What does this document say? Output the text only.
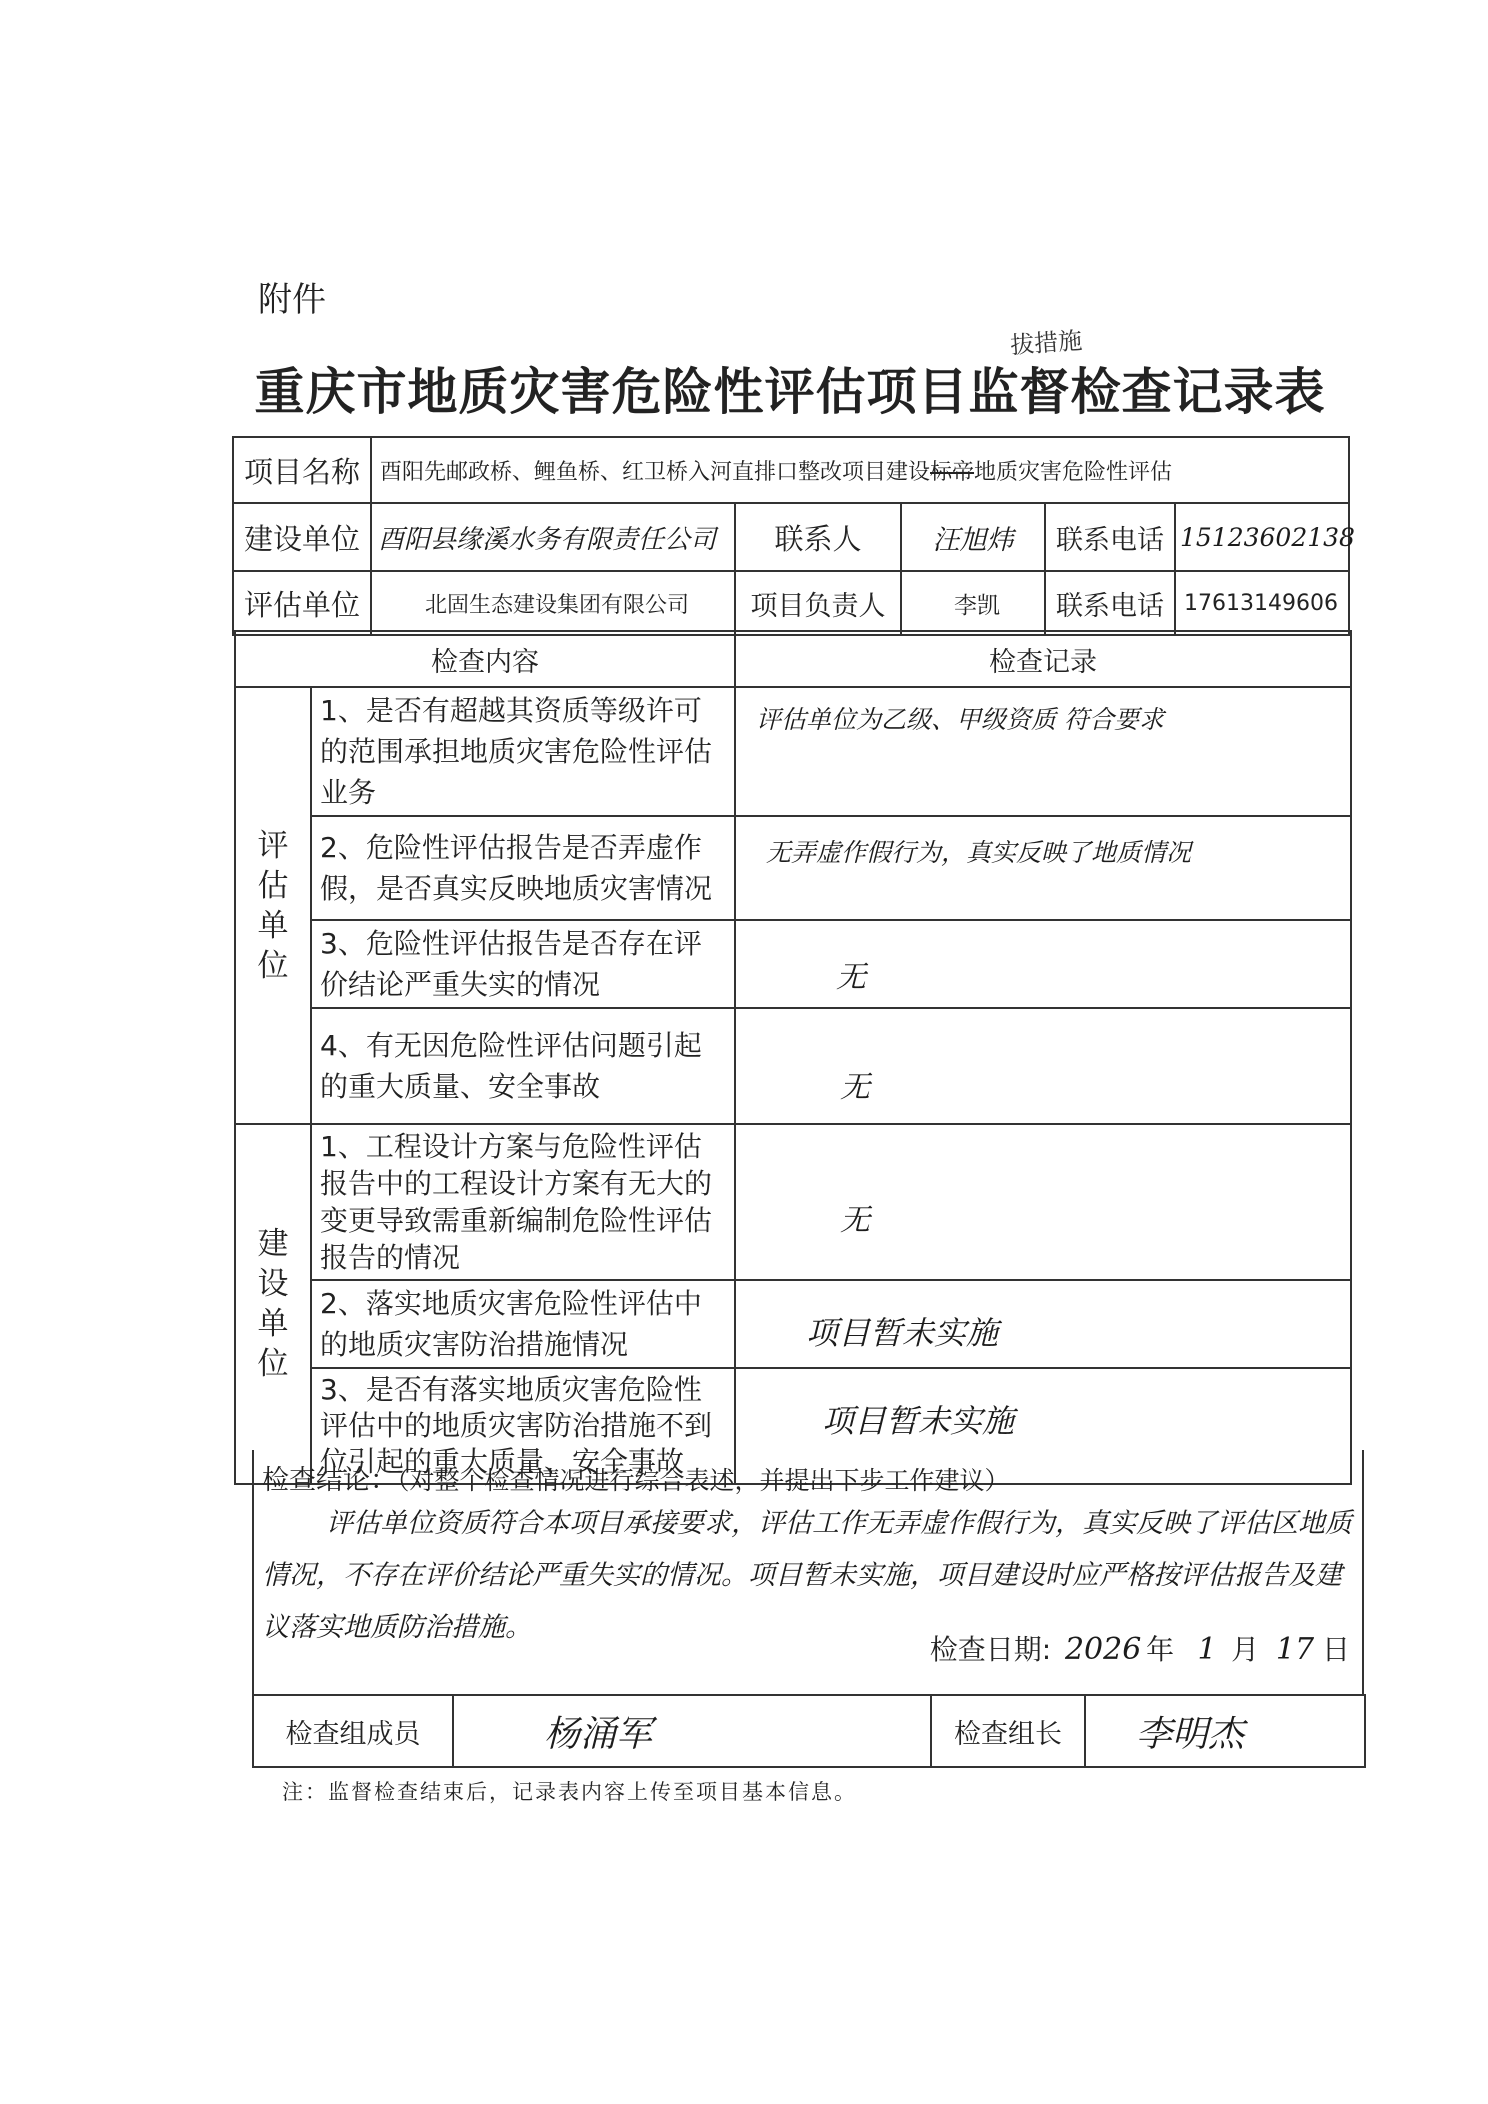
附件
重庆市地质灾害危险性评估项目监督检查记录表
拔措施
项目名称	酉阳先邮政桥、鲤鱼桥、红卫桥入河直排口整改项目建设标帝地质灾害危险性评估				
建设单位	酉阳县缘溪水务有限责任公司	联系人	汪旭炜	联系电话	15123602138
评估单位	北固生态建设集团有限公司	项目负责人	李凯	联系电话	17613149606
检查内容		检查记录

评
估
单
位	1、是否有超越其资质等级许可的范围承担地质灾害危险性评估业务	评估单位为乙级、甲级资质 符合要求
	2、危险性评估报告是否弄虚作假，是否真实反映地质灾害情况	无弄虚作假行为，真实反映了地质情况
	3、危险性评估报告是否存在评价结论严重失实的情况	无
	4、有无因危险性评估问题引起的重大质量、安全事故	无

建
设
单
位	1、工程设计方案与危险性评估报告中的工程设计方案有无大的变更导致需重新编制危险性评估报告的情况	无
	2、落实地质灾害危险性评估中的地质灾害防治措施情况	项目暂未实施
	3、是否有落实地质灾害危险性评估中的地质灾害防治措施不到位引起的重大质量、安全事故	项目暂未实施
检查结论：（对整个检查情况进行综合表述，并提出下步工作建议）
评估单位资质符合本项目承接要求，评估工作无弄虚作假行为，真实反映了评估区地质情况，不存在评价结论严重失实的情况。项目暂未实施，项目建设时应严格按评估报告及建议落实地质防治措施。
检查日期: 2026 年 1 月 17 日
检查组成员	杨涌军	检查组长	李明杰
注：监督检查结束后，记录表内容上传至项目基本信息。
